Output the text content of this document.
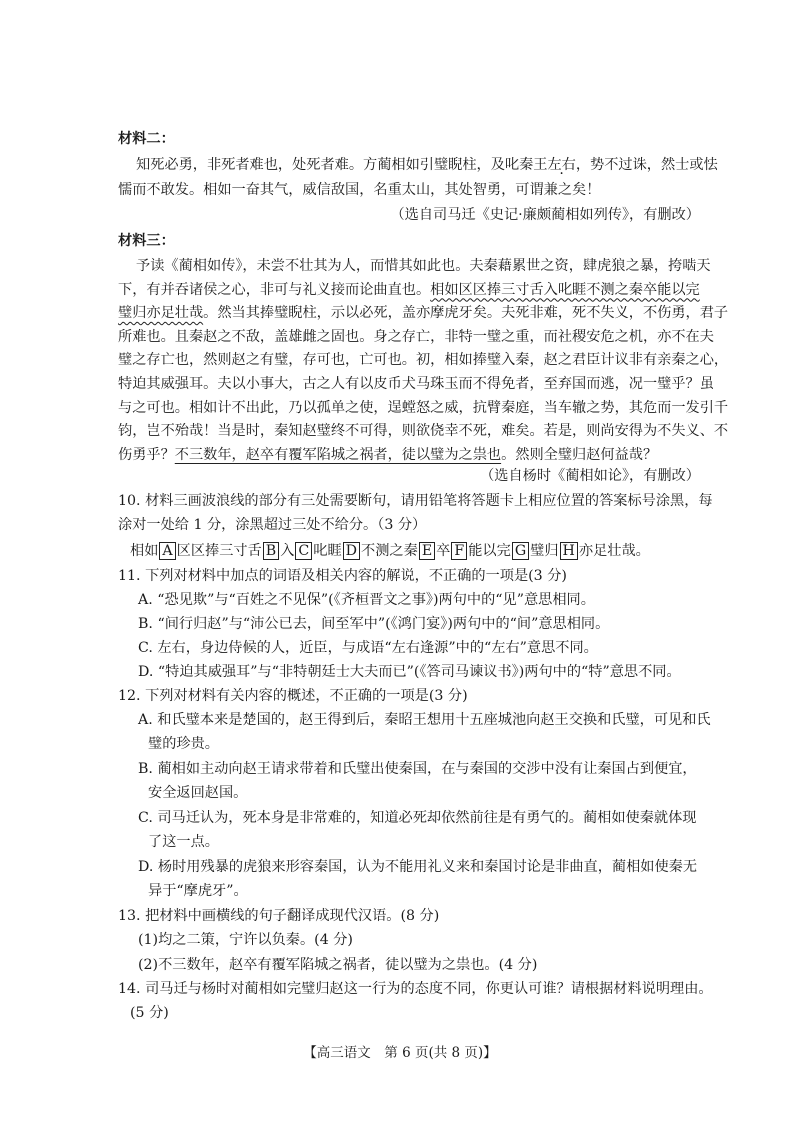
材料二：
知死必勇，非死者难也，处死者难。方蔺相如引璧睨柱，及叱秦王左右，势不过诛，然士或怯
懦而不敢发。相如一奋其气，威信敌国，名重太山，其处智勇，可谓兼之矣！
（选自司马迁《史记·廉颇蔺相如列传》，有删改）
材料三：
予读《蔺相如传》，未尝不壮其为人，而惜其如此也。夫秦藉累世之资，肆虎狼之暴，挎啮天
下，有并吞诸侯之心，非可与礼义接而论曲直也。相如区区捧三寸舌入叱睚不测之秦卒能以完
璧归亦足壮哉。然当其捧璧睨柱，示以必死，盖亦摩虎牙矣。夫死非难，死不失义，不伤勇，君子
所难也。且秦赵之不敌，盖雄雌之固也。身之存亡，非特一璧之重，而社稷安危之机，亦不在夫
璧之存亡也，然则赵之有璧，存可也，亡可也。初，相如捧璧入秦，赵之君臣计议非有亲秦之心，
特迫其威强耳。夫以小事大，古之人有以皮币犬马珠玉而不得免者，至弃国而逃，况一璧乎？虽
与之可也。相如计不出此，乃以孤单之使，逞螳怒之威，抗臂秦庭，当车辙之势，其危而一发引千
钧，岂不殆哉！当是时，秦知赵璧终不可得，则欲侥幸不死，难矣。若是，则尚安得为不失义、不
伤勇乎？不三数年，赵卒有覆军陷城之祸者，徒以璧为之祟也。然则全璧归赵何益哉？
（选自杨时《蔺相如论》，有删改）
10. 材料三画波浪线的部分有三处需要断句，请用铅笔将答题卡上相应位置的答案标号涂黑，每
涂对一处给 1 分，涂黑超过三处不给分。（3 分）
相如 A 区区捧三寸舌 B 入 C 叱睚 D 不测之秦 E 卒 F 能以完 G 璧归 H 亦足壮哉。
11. 下列对材料中加点的词语及相关内容的解说，不正确的一项是(3 分)
A. “恐见欺”与“百姓之不见保”(《齐桓晋文之事》)两句中的“见”意思相同。
B. “间行归赵”与“沛公已去，间至军中”(《鸿门宴》)两句中的“间”意思相同。
C. 左右，身边侍候的人，近臣，与成语“左右逢源”中的“左右”意思不同。
D. “特迫其威强耳”与“非特朝廷士大夫而已”(《答司马谏议书》)两句中的“特”意思不同。
12. 下列对材料有关内容的概述，不正确的一项是(3 分)
A. 和氏璧本来是楚国的，赵王得到后，秦昭王想用十五座城池向赵王交换和氏璧，可见和氏
璧的珍贵。
B. 蔺相如主动向赵王请求带着和氏璧出使秦国，在与秦国的交涉中没有让秦国占到便宜，
安全返回赵国。
C. 司马迁认为，死本身是非常难的，知道必死却依然前往是有勇气的。蔺相如使秦就体现
了这一点。
D. 杨时用残暴的虎狼来形容秦国，认为不能用礼义来和秦国讨论是非曲直，蔺相如使秦无
异于“摩虎牙”。
13. 把材料中画横线的句子翻译成现代汉语。(8 分)
(1)均之二策，宁许以负秦。(4 分)
(2)不三数年，赵卒有覆军陷城之祸者，徒以璧为之祟也。(4 分)
14. 司马迁与杨时对蔺相如完璧归赵这一行为的态度不同，你更认可谁？请根据材料说明理由。
(5 分)
【高三语文　第 6 页(共 8 页)】
